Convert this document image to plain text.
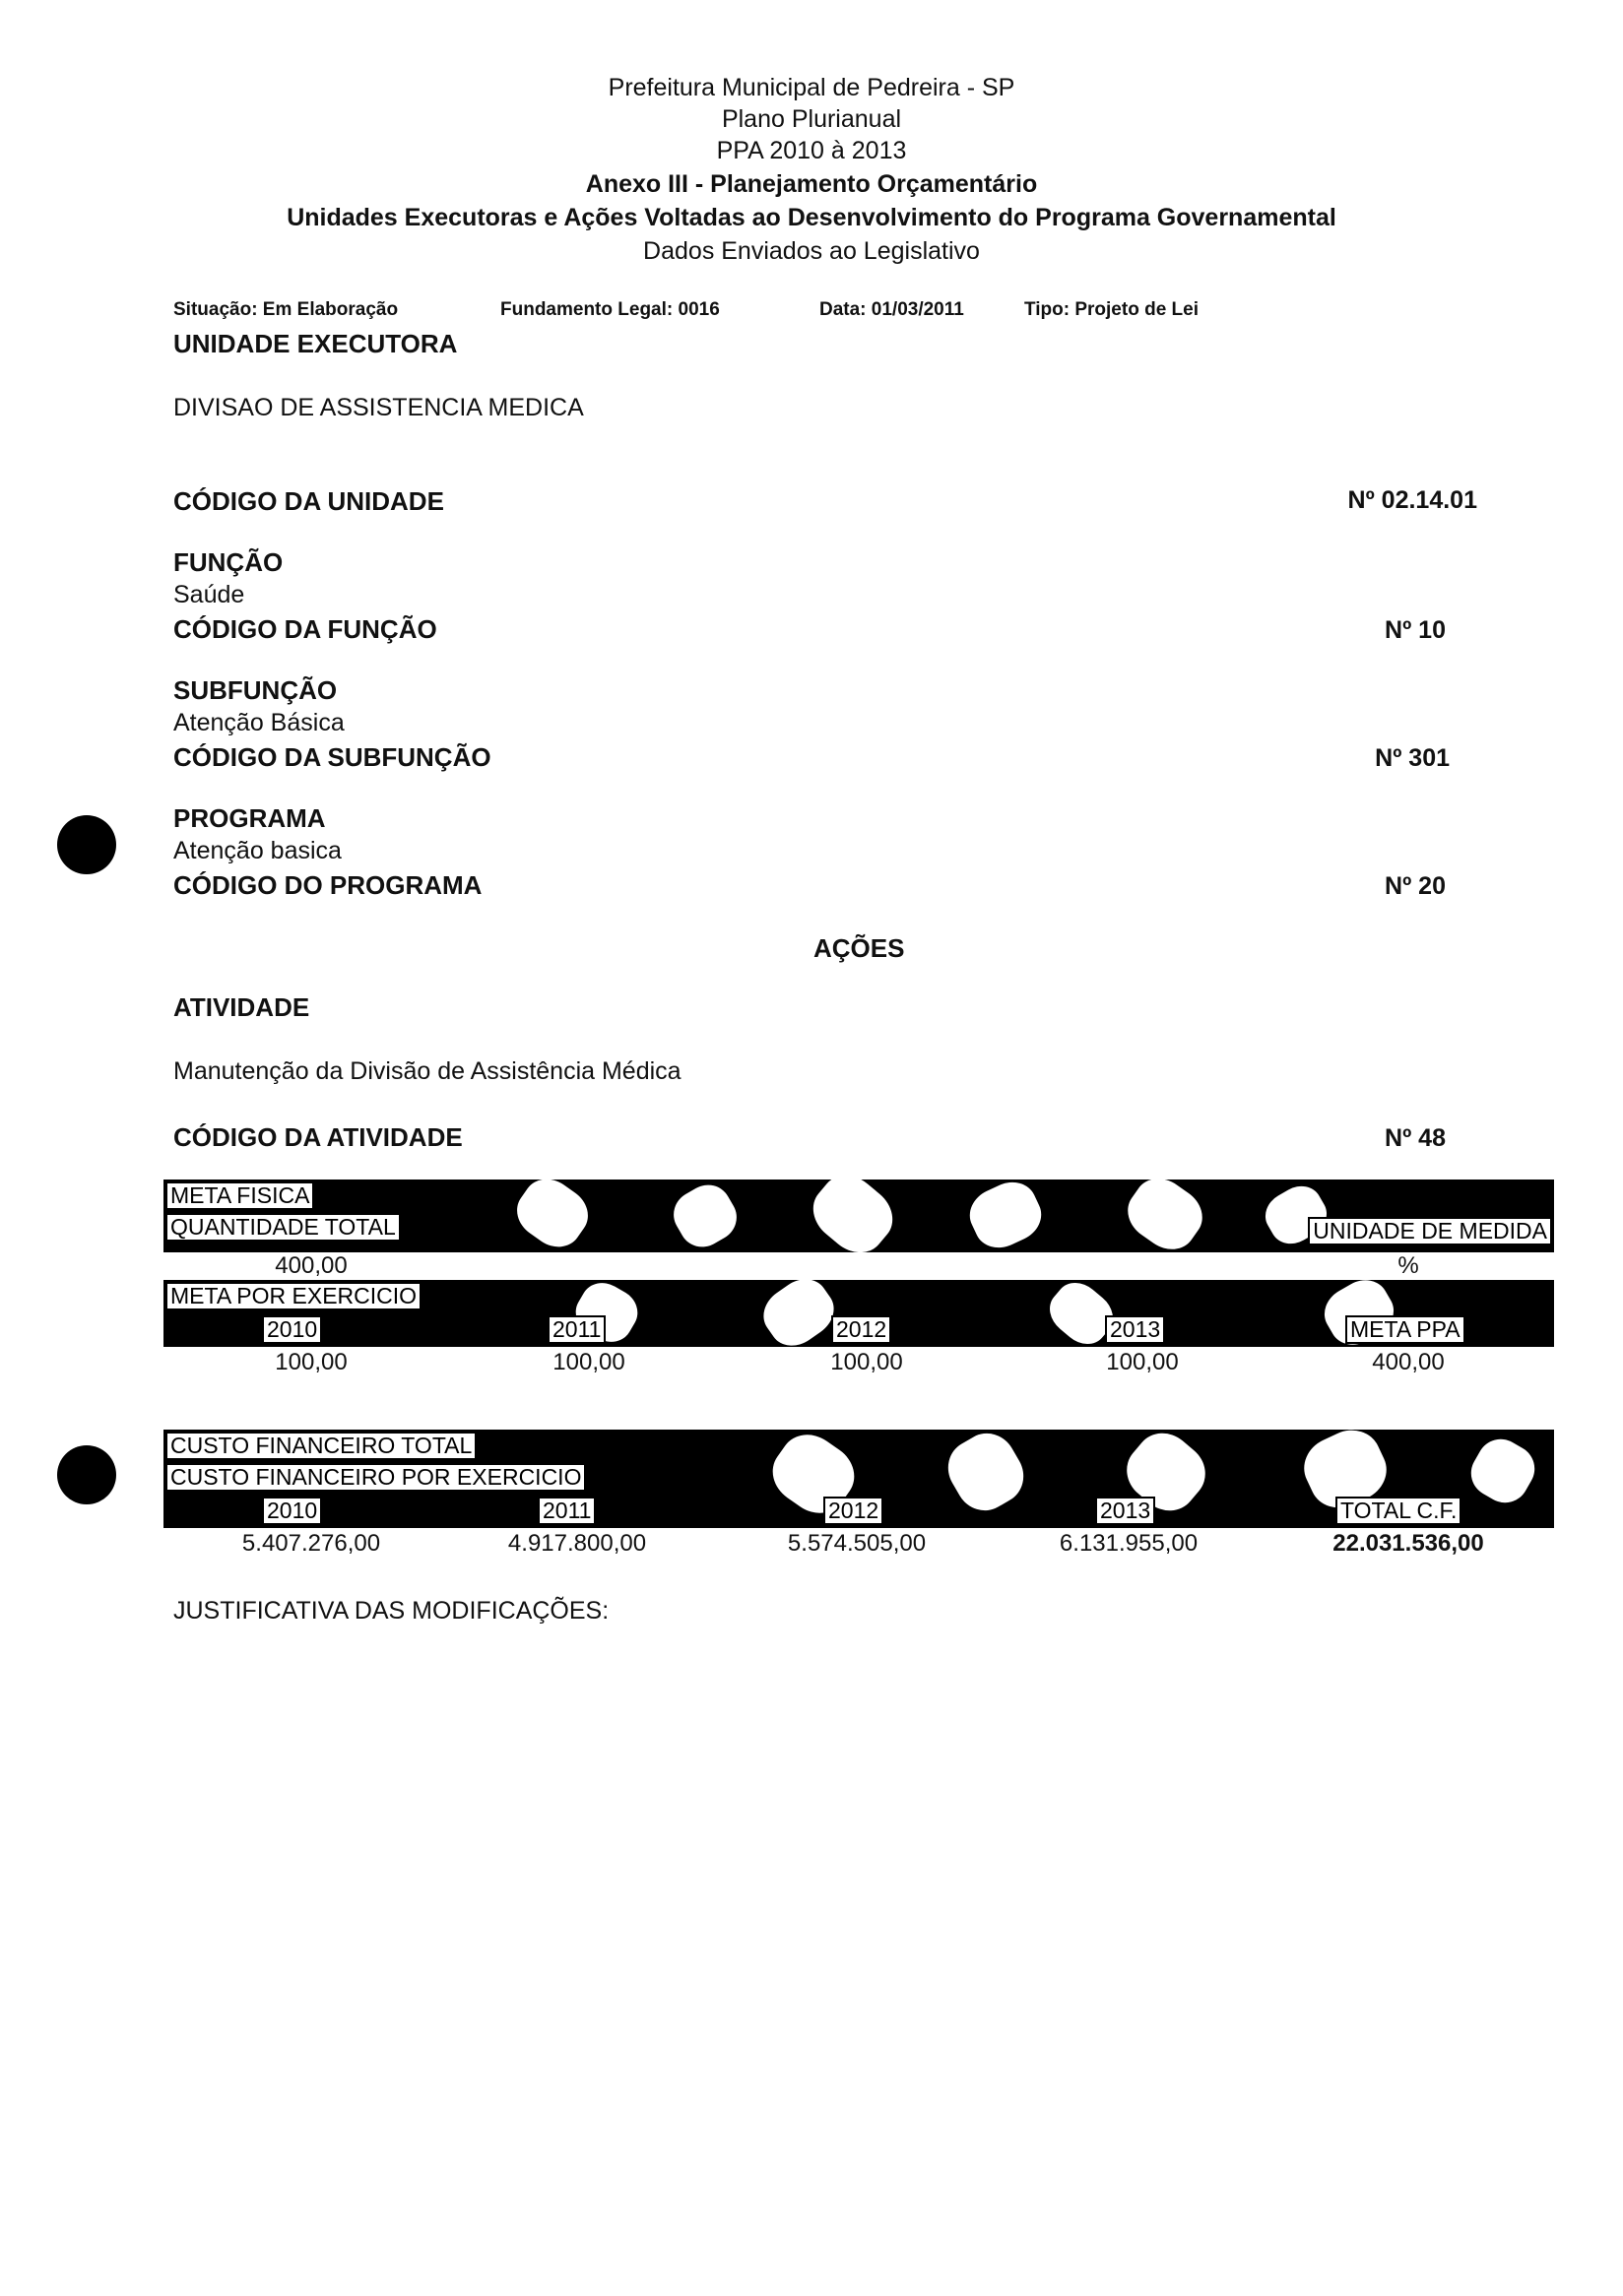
Prefeitura Municipal de Pedreira - SP
Plano Plurianual
PPA 2010 à 2013
Anexo III - Planejamento Orçamentário
Unidades Executoras e Ações Voltadas ao Desenvolvimento do Programa Governamental
Dados Enviados ao Legislativo
Situação: Em Elaboração	Fundamento Legal: 0016	Data: 01/03/2011	Tipo: Projeto de Lei
UNIDADE EXECUTORA
DIVISAO DE ASSISTENCIA MEDICA
CÓDIGO DA UNIDADE	Nº 02.14.01
FUNÇÃO
Saúde
CÓDIGO DA FUNÇÃO	Nº 10
SUBFUNÇÃO
Atenção Básica
CÓDIGO DA SUBFUNÇÃO	Nº 301
PROGRAMA
Atenção basica
CÓDIGO DO PROGRAMA	Nº 20
AÇÕES
ATIVIDADE
Manutenção da Divisão de Assistência Médica
CÓDIGO DA ATIVIDADE	Nº 48
META FISICA
QUANTIDADE TOTAL	UNIDADE DE MEDIDA
400,00	%
META POR EXERCICIO
2010	2011	2012	2013	META PPA
100,00	100,00	100,00	100,00	400,00
CUSTO FINANCEIRO TOTAL
CUSTO FINANCEIRO POR EXERCICIO
2010	2011	2012	2013	TOTAL C.F.
5.407.276,00	4.917.800,00	5.574.505,00	6.131.955,00	22.031.536,00
JUSTIFICATIVA DAS MODIFICAÇÕES:
